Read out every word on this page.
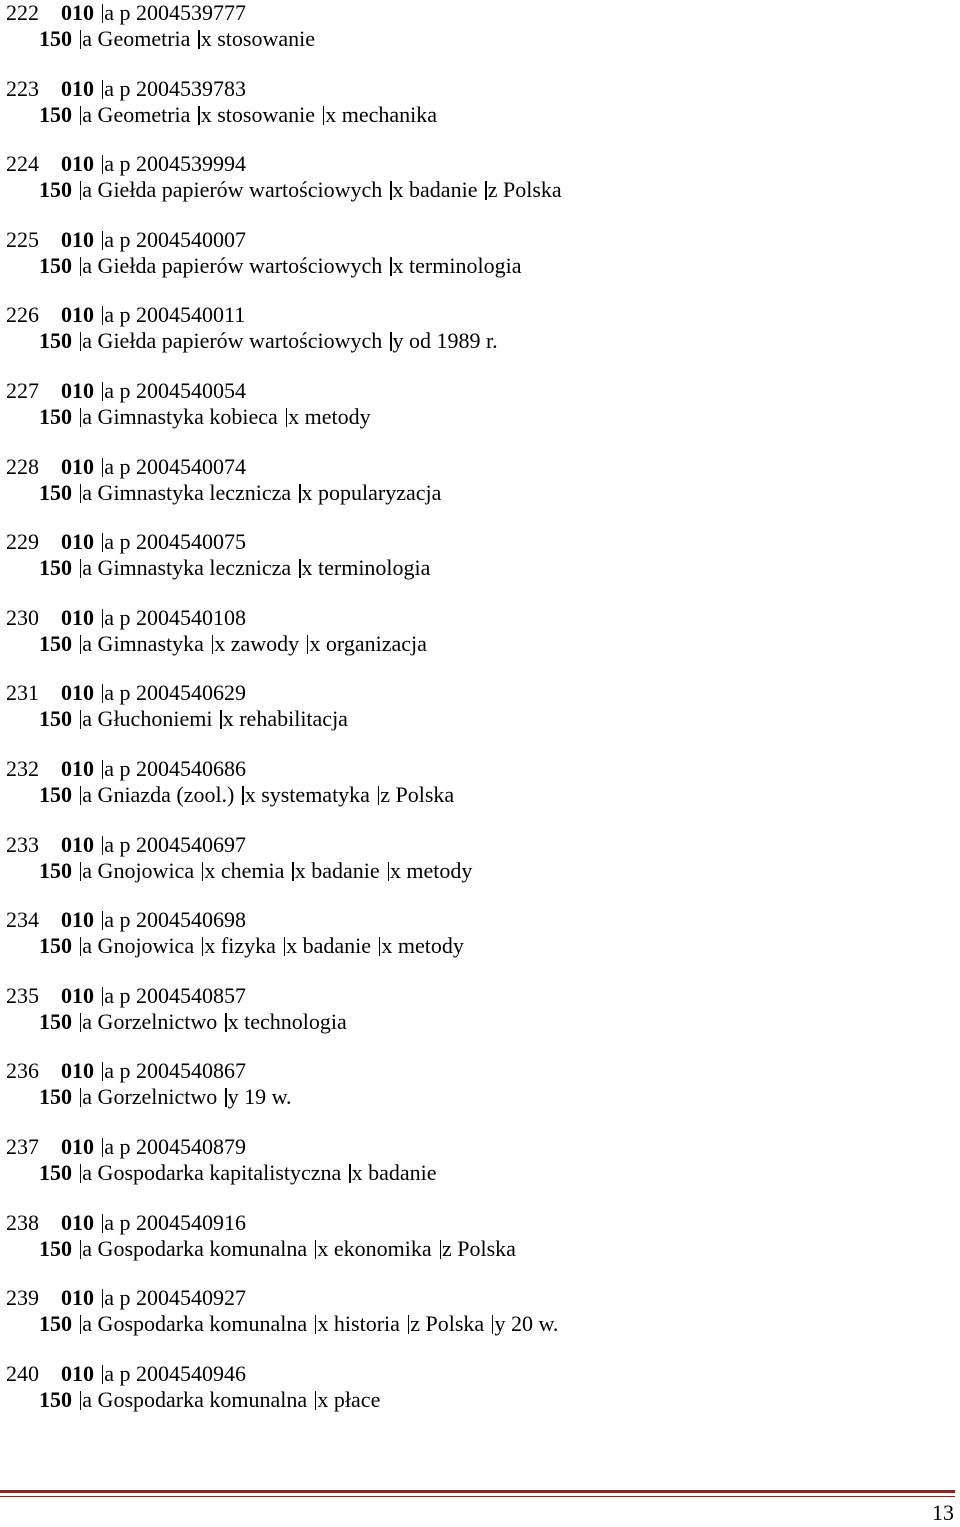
222 010 a p 2004539777
150 a Geometria x stosowanie
223 010 a p 2004539783
150 a Geometria x stosowanie x mechanika
224 010 a p 2004539994
150 a Giełda papierów wartościowych x badanie z Polska
225 010 a p 2004540007
150 a Giełda papierów wartościowych x terminologia
226 010 a p 2004540011
150 a Giełda papierów wartościowych y od 1989 r.
227 010 a p 2004540054
150 a Gimnastyka kobieca x metody
228 010 a p 2004540074
150 a Gimnastyka lecznicza x popularyzacja
229 010 a p 2004540075
150 a Gimnastyka lecznicza x terminologia
230 010 a p 2004540108
150 a Gimnastyka x zawody x organizacja
231 010 a p 2004540629
150 a Głuchoniemi x rehabilitacja
232 010 a p 2004540686
150 a Gniazda (zool.) x systematyka z Polska
233 010 a p 2004540697
150 a Gnojowica x chemia x badanie x metody
234 010 a p 2004540698
150 a Gnojowica x fizyka x badanie x metody
235 010 a p 2004540857
150 a Gorzelnictwo x technologia
236 010 a p 2004540867
150 a Gorzelnictwo y 19 w.
237 010 a p 2004540879
150 a Gospodarka kapitalistyczna x badanie
238 010 a p 2004540916
150 a Gospodarka komunalna x ekonomika z Polska
239 010 a p 2004540927
150 a Gospodarka komunalna x historia z Polska y 20 w.
240 010 a p 2004540946
150 a Gospodarka komunalna x płace
13
